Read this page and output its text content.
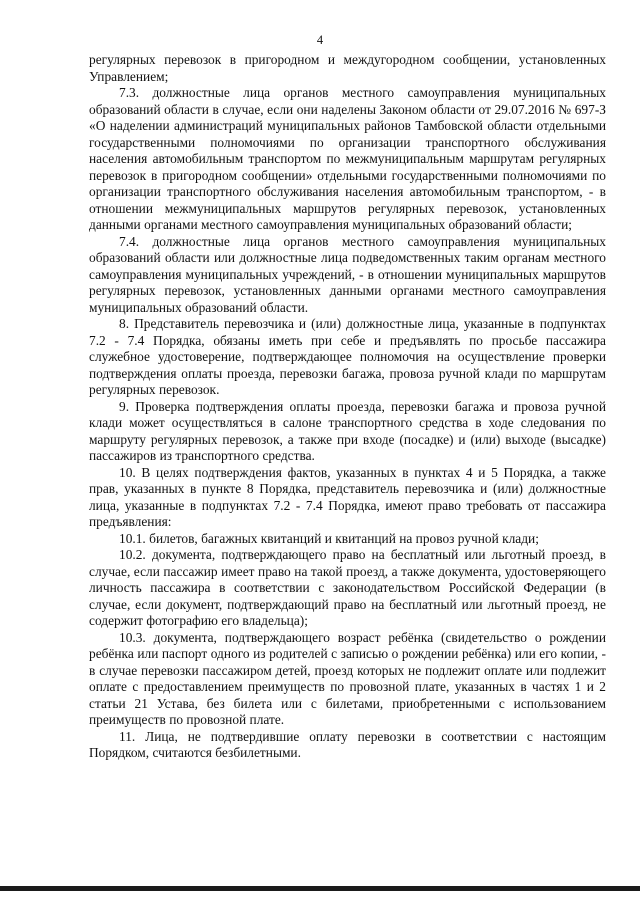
4

регулярных перевозок в пригородном и междугородном сообщении, установленных Управлением;

7.3. должностные лица органов местного самоуправления муниципальных образований области в случае, если они наделены Законом области от 29.07.2016 № 697-З «О наделении администраций муниципальных районов Тамбовской области отдельными государственными полномочиями по организации транспортного обслуживания населения автомобильным транспортом по межмуниципальным маршрутам регулярных перевозок в пригородном сообщении» отдельными государственными полномочиями по организации транспортного обслуживания населения автомобильным транспортом, - в отношении межмуниципальных маршрутов регулярных перевозок, установленных данными органами местного самоуправления муниципальных образований области;

7.4. должностные лица органов местного самоуправления муниципальных образований области или должностные лица подведомственных таким органам местного самоуправления муниципальных учреждений, - в отношении муниципальных маршрутов регулярных перевозок, установленных данными органами местного самоуправления муниципальных образований области.

8. Представитель перевозчика и (или) должностные лица, указанные в подпунктах 7.2 - 7.4 Порядка, обязаны иметь при себе и предъявлять по просьбе пассажира служебное удостоверение, подтверждающее полномочия на осуществление проверки подтверждения оплаты проезда, перевозки багажа, провоза ручной клади по маршрутам регулярных перевозок.

9. Проверка подтверждения оплаты проезда, перевозки багажа и провоза ручной клади может осуществляться в салоне транспортного средства в ходе следования по маршруту регулярных перевозок, а также при входе (посадке) и (или) выходе (высадке) пассажиров из транспортного средства.

10. В целях подтверждения фактов, указанных в пунктах 4 и 5 Порядка, а также прав, указанных в пункте 8 Порядка, представитель перевозчика и (или) должностные лица, указанные в подпунктах 7.2 - 7.4 Порядка, имеют право требовать от пассажира предъявления:

10.1. билетов, багажных квитанций и квитанций на провоз ручной клади;

10.2. документа, подтверждающего право на бесплатный или льготный проезд, в случае, если пассажир имеет право на такой проезд, а также документа, удостоверяющего личность пассажира в соответствии с законодательством Российской Федерации (в случае, если документ, подтверждающий право на бесплатный или льготный проезд, не содержит фотографию его владельца);

10.3. документа, подтверждающего возраст ребёнка (свидетельство о рождении ребёнка или паспорт одного из родителей с записью о рождении ребёнка) или его копии, - в случае перевозки пассажиром детей, проезд которых не подлежит оплате или подлежит оплате с предоставлением преимуществ по провозной плате, указанных в частях 1 и 2 статьи 21 Устава, без билета или с билетами, приобретенными с использованием преимуществ по провозной плате.

11. Лица, не подтвердившие оплату перевозки в соответствии с настоящим Порядком, считаются безбилетными.
